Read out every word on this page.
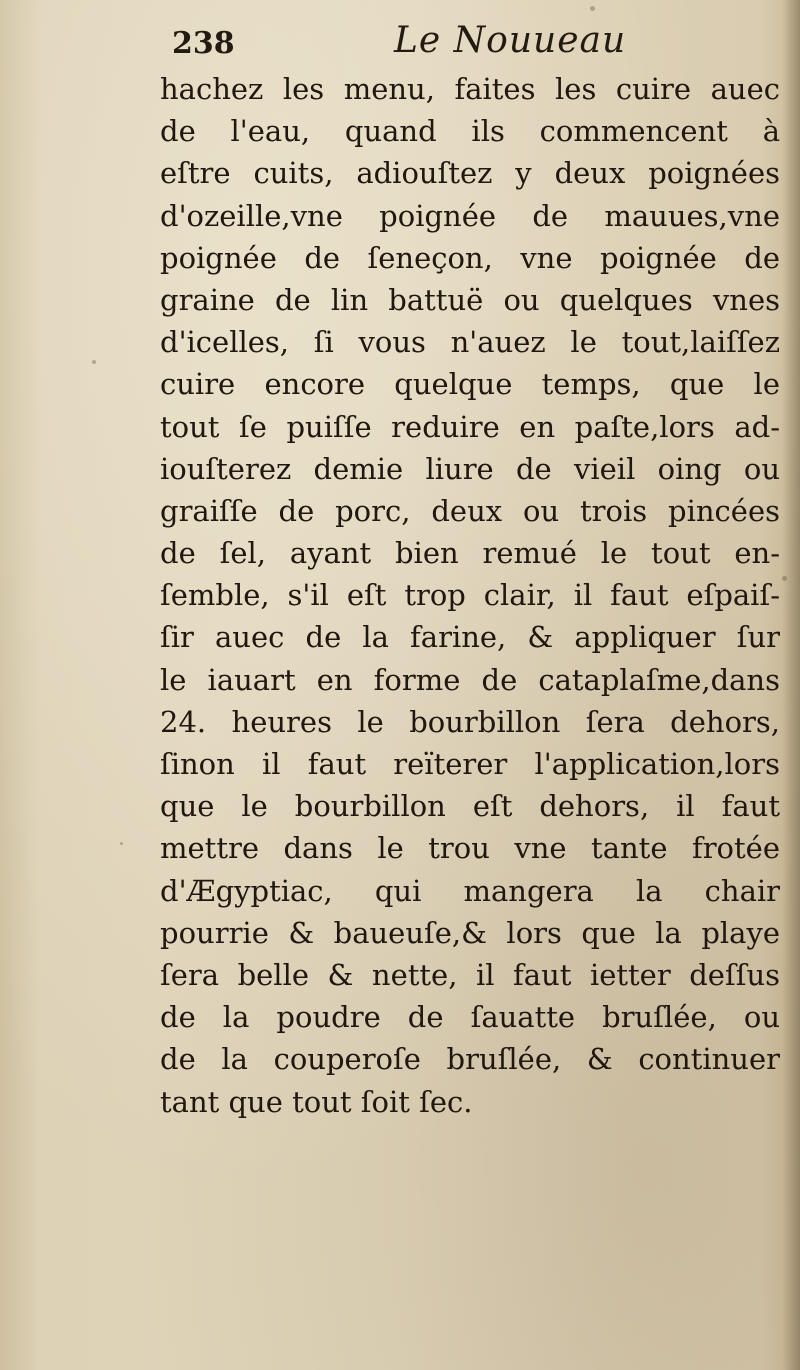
238	Le Nouueau
hachez les menu, faites les cuire auec
de l'eau, quand ils commencent à
eſtre cuits, adiouſtez y deux poignées
d'ozeille,vne poignée de mauues,vne
poignée de ſeneçon, vne poignée de
graine de lin battuë ou quelques vnes
d'icelles, ſi vous n'auez le tout,laiſſez
cuire encore quelque temps, que le
tout ſe puiſſe reduire en paſte,lors ad-
iouſterez demie liure de vieil oing ou
graiſſe de porc, deux ou trois pincées
de ſel, ayant bien remué le tout en-
ſemble, s'il eſt trop clair, il faut eſpaiſ-
ſir auec de la farine, & appliquer ſur
le iauart en forme de cataplaſme,dans
24. heures le bourbillon ſera dehors,
ſinon il faut reïterer l'application,lors
que le bourbillon eſt dehors, il faut
mettre dans le trou vne tante frotée
d'Ægyptiac, qui mangera la chair
pourrie & baueuſe,& lors que la playe
ſera belle & nette, il faut ietter deſſus
de la poudre de ſauatte bruſlée, ou
de la couperoſe bruſlée, & continuer
tant que tout ſoit ſec.
